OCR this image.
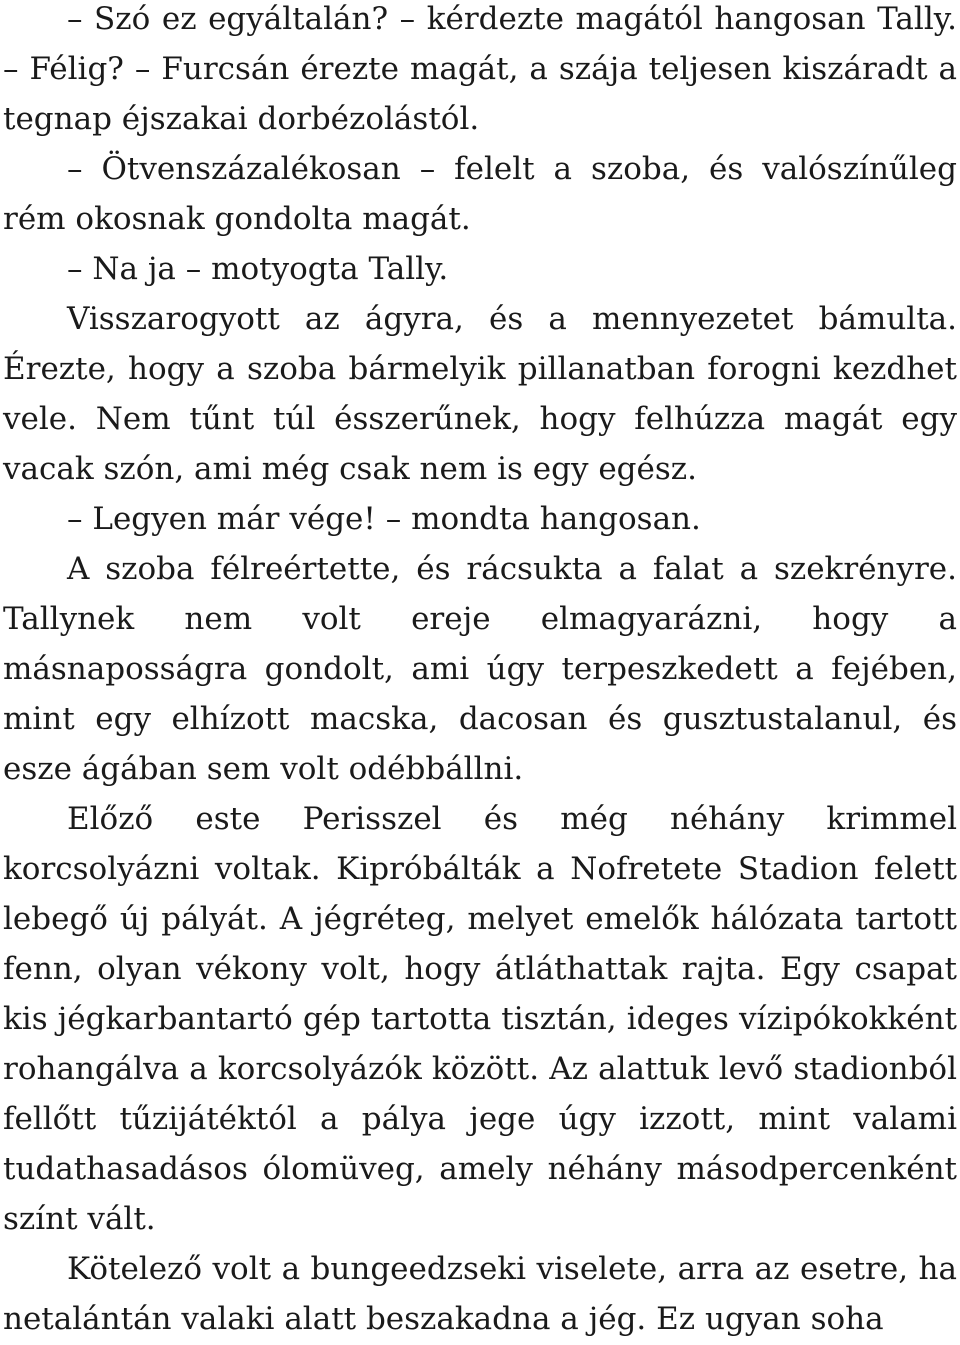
– Szó ez egyáltalán? – kérdezte magától hangosan Tally. – Félig? – Furcsán érezte magát, a szája teljesen kiszáradt a tegnap éjszakai dorbézolástól.

– Ötvenszázalékosan – felelt a szoba, és valószínűleg rém okosnak gondolta magát.

– Na ja – motyogta Tally.

Visszarogyott az ágyra, és a mennyezetet bámulta. Érezte, hogy a szoba bármelyik pillanatban forogni kezdhet vele. Nem tűnt túl ésszerűnek, hogy felhúzza magát egy vacak szón, ami még csak nem is egy egész.

– Legyen már vége! – mondta hangosan.

A szoba félreértette, és rácsukta a falat a szekrényre. Tallynek nem volt ereje elmagyarázni, hogy a másnaposságra gondolt, ami úgy terpeszkedett a fejében, mint egy elhízott macska, dacosan és gusztustalanul, és esze ágában sem volt odébbállni.

Előző este Perisszel és még néhány krimmel korcsolyázni voltak. Kipróbálták a Nofretete Stadion felett lebegő új pályát. A jégréteg, melyet emelők hálózata tartott fenn, olyan vékony volt, hogy átláthattak rajta. Egy csapat kis jégkarbantartó gép tartotta tisztán, ideges vízipókokként rohangálva a korcsolyázók között. Az alattuk levő stadionból fellőtt tűzijátéktól a pálya jege úgy izzott, mint valami tudathasadásos ólomüveg, amely néhány másodpercenként színt vált.

Kötelező volt a bungeedzseki viselete, arra az esetre, ha netalántán valaki alatt beszakadna a jég. Ez ugyan soha
